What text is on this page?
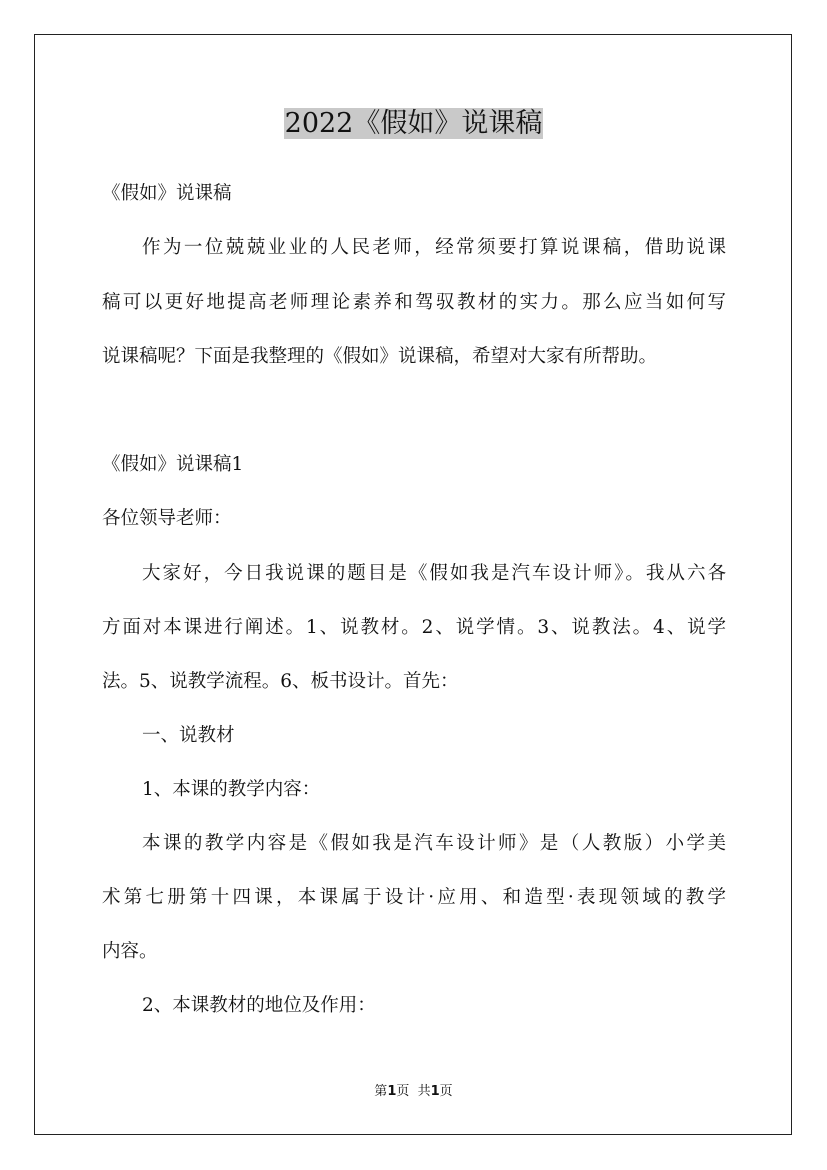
2022《假如》说课稿
《假如》说课稿
作为一位兢兢业业的人民老师，经常须要打算说课稿，借助说课
稿可以更好地提高老师理论素养和驾驭教材的实力。那么应当如何写
说课稿呢？下面是我整理的《假如》说课稿，希望对大家有所帮助。
《假如》说课稿1
各位领导老师：
大家好，今日我说课的题目是《假如我是汽车设计师》。我从六各
方面对本课进行阐述。1、说教材。2、说学情。3、说教法。4、说学
法。5、说教学流程。6、板书设计。首先：
一、说教材
1、本课的教学内容：
本课的教学内容是《假如我是汽车设计师》是（人教版）小学美
术第七册第十四课，本课属于设计·应用、和造型·表现领域的教学
内容。
2、本课教材的地位及作用：
第1页  共1页
